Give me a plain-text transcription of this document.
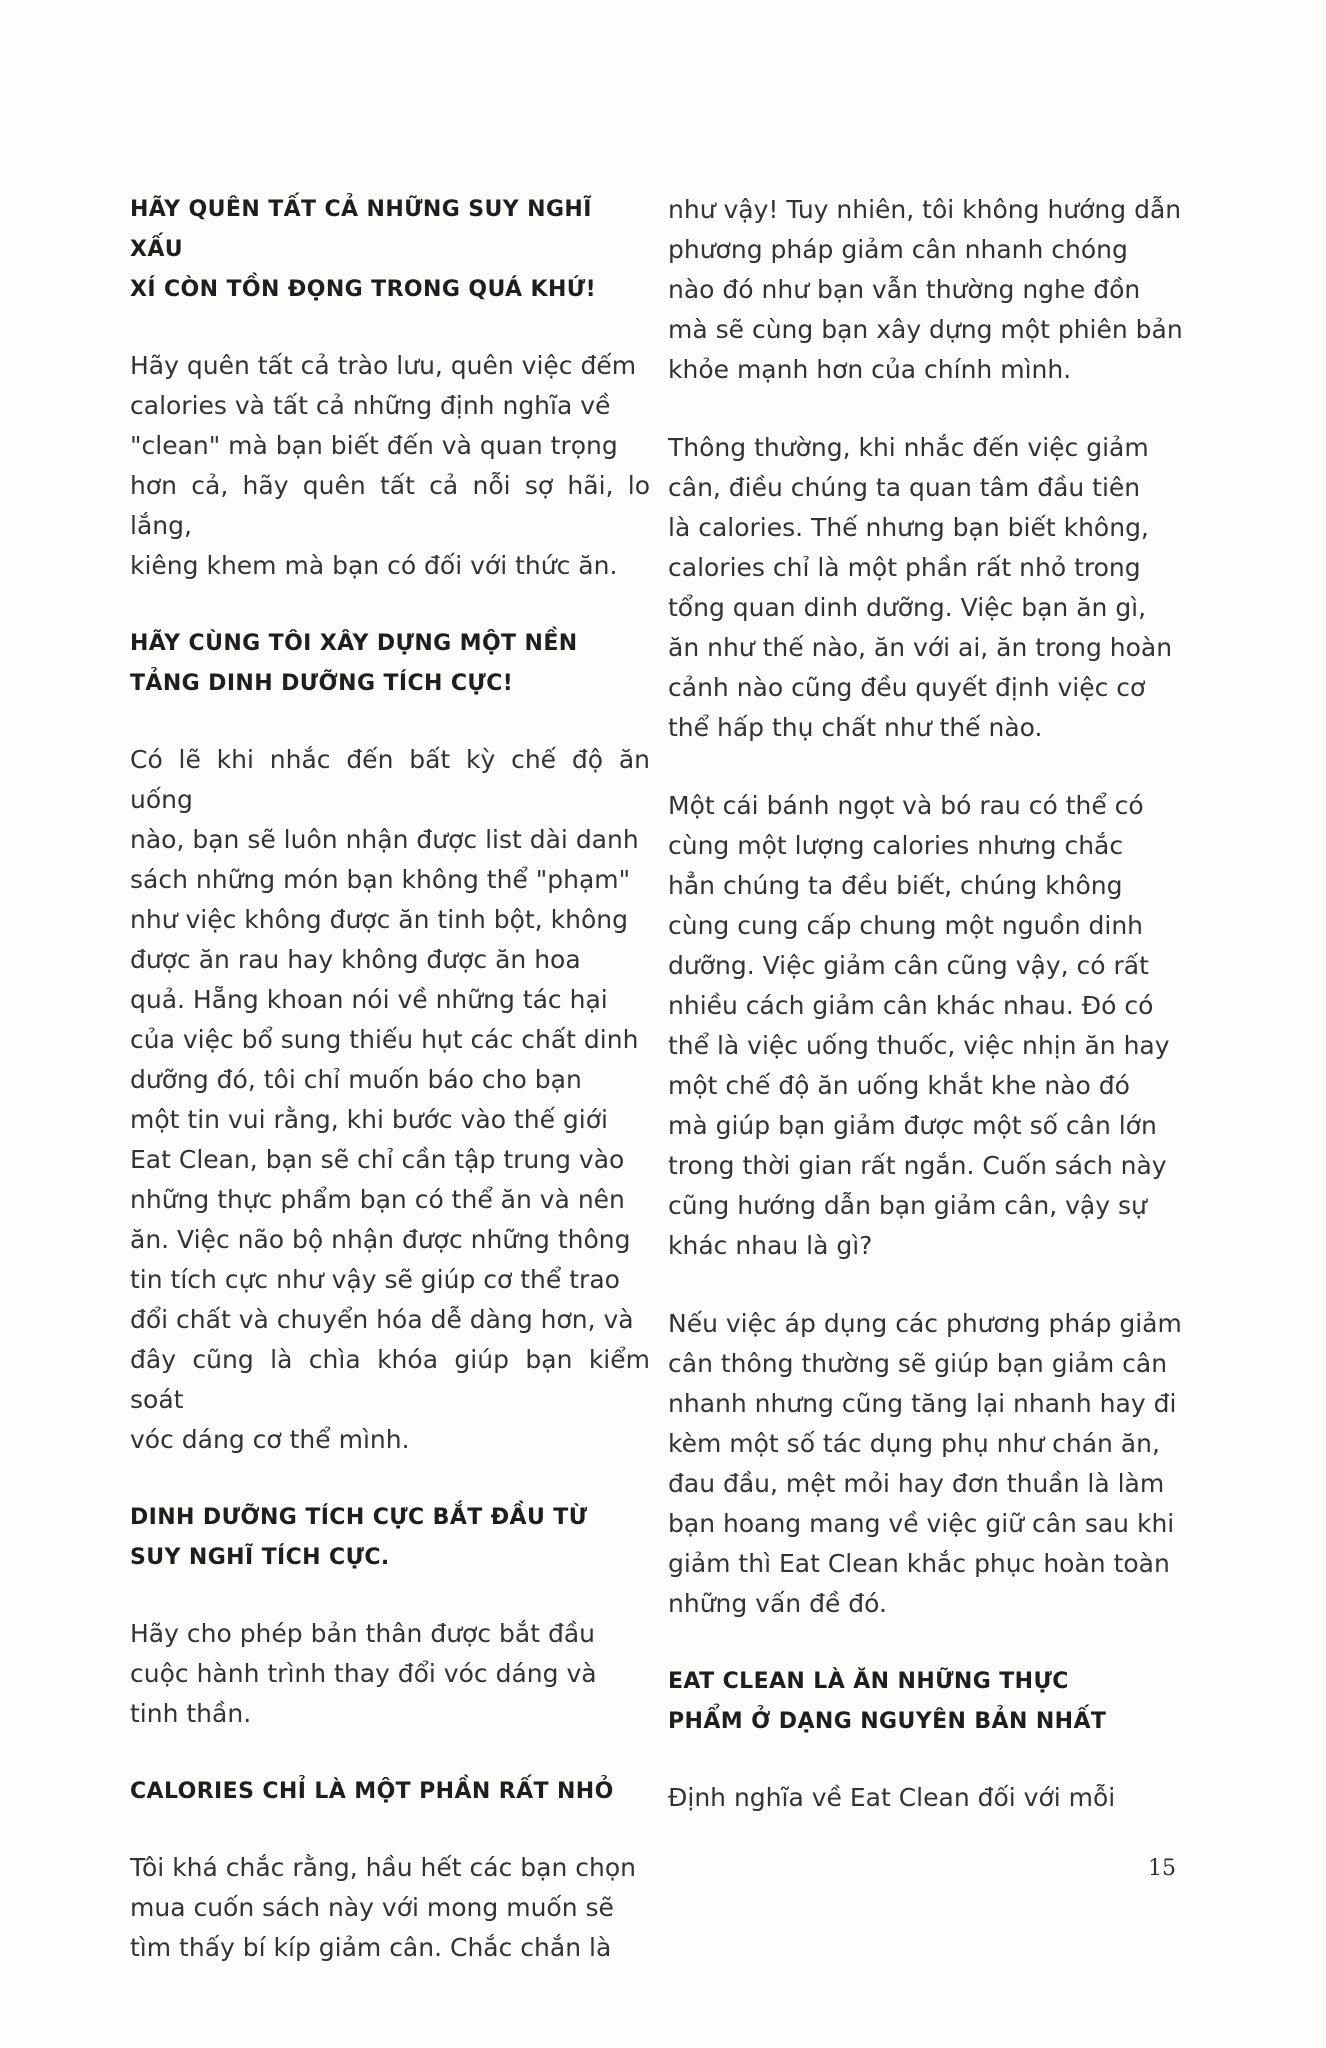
HÃY QUÊN TẤT CẢ NHỮNG SUY NGHĨ XẤU
XÍ CÒN TỒN ĐỌNG TRONG QUÁ KHỨ!

Hãy quên tất cả trào lưu, quên việc đếm
calories và tất cả những định nghĩa về
"clean" mà bạn biết đến và quan trọng
hơn cả, hãy quên tất cả nỗi sợ hãi, lo lắng,
kiêng khem mà bạn có đối với thức ăn.

HÃY CÙNG TÔI XÂY DỰNG MỘT NỀN
TẢNG DINH DƯỠNG TÍCH CỰC!

Có lẽ khi nhắc đến bất kỳ chế độ ăn uống
nào, bạn sẽ luôn nhận được list dài danh
sách những món bạn không thể "phạm"
như việc không được ăn tinh bột, không
được ăn rau hay không được ăn hoa
quả. Hẵng khoan nói về những tác hại
của việc bổ sung thiếu hụt các chất dinh
dưỡng đó, tôi chỉ muốn báo cho bạn
một tin vui rằng, khi bước vào thế giới
Eat Clean, bạn sẽ chỉ cần tập trung vào
những thực phẩm bạn có thể ăn và nên
ăn. Việc não bộ nhận được những thông
tin tích cực như vậy sẽ giúp cơ thể trao
đổi chất và chuyển hóa dễ dàng hơn, và
đây cũng là chìa khóa giúp bạn kiểm soát
vóc dáng cơ thể mình.

DINH DƯỠNG TÍCH CỰC BẮT ĐẦU TỪ
SUY NGHĨ TÍCH CỰC.

Hãy cho phép bản thân được bắt đầu
cuộc hành trình thay đổi vóc dáng và
tinh thần.

CALORIES CHỈ LÀ MỘT PHẦN RẤT NHỎ

Tôi khá chắc rằng, hầu hết các bạn chọn
mua cuốn sách này với mong muốn sẽ
tìm thấy bí kíp giảm cân. Chắc chắn là

như vậy! Tuy nhiên, tôi không hướng dẫn
phương pháp giảm cân nhanh chóng
nào đó như bạn vẫn thường nghe đồn
mà sẽ cùng bạn xây dựng một phiên bản
khỏe mạnh hơn của chính mình.

Thông thường, khi nhắc đến việc giảm
cân, điều chúng ta quan tâm đầu tiên
là calories. Thế nhưng bạn biết không,
calories chỉ là một phần rất nhỏ trong
tổng quan dinh dưỡng. Việc bạn ăn gì,
ăn như thế nào, ăn với ai, ăn trong hoàn
cảnh nào cũng đều quyết định việc cơ
thể hấp thụ chất như thế nào.

Một cái bánh ngọt và bó rau có thể có
cùng một lượng calories nhưng chắc
hẳn chúng ta đều biết, chúng không
cùng cung cấp chung một nguồn dinh
dưỡng. Việc giảm cân cũng vậy, có rất
nhiều cách giảm cân khác nhau. Đó có
thể là việc uống thuốc, việc nhịn ăn hay
một chế độ ăn uống khắt khe nào đó
mà giúp bạn giảm được một số cân lớn
trong thời gian rất ngắn. Cuốn sách này
cũng hướng dẫn bạn giảm cân, vậy sự
khác nhau là gì?

Nếu việc áp dụng các phương pháp giảm
cân thông thường sẽ giúp bạn giảm cân
nhanh nhưng cũng tăng lại nhanh hay đi
kèm một số tác dụng phụ như chán ăn,
đau đầu, mệt mỏi hay đơn thuần là làm
bạn hoang mang về việc giữ cân sau khi
giảm thì Eat Clean khắc phục hoàn toàn
những vấn đề đó.

EAT CLEAN LÀ ĂN NHỮNG THỰC
PHẨM Ở DẠNG NGUYÊN BẢN NHẤT

Định nghĩa về Eat Clean đối với mỗi

15
